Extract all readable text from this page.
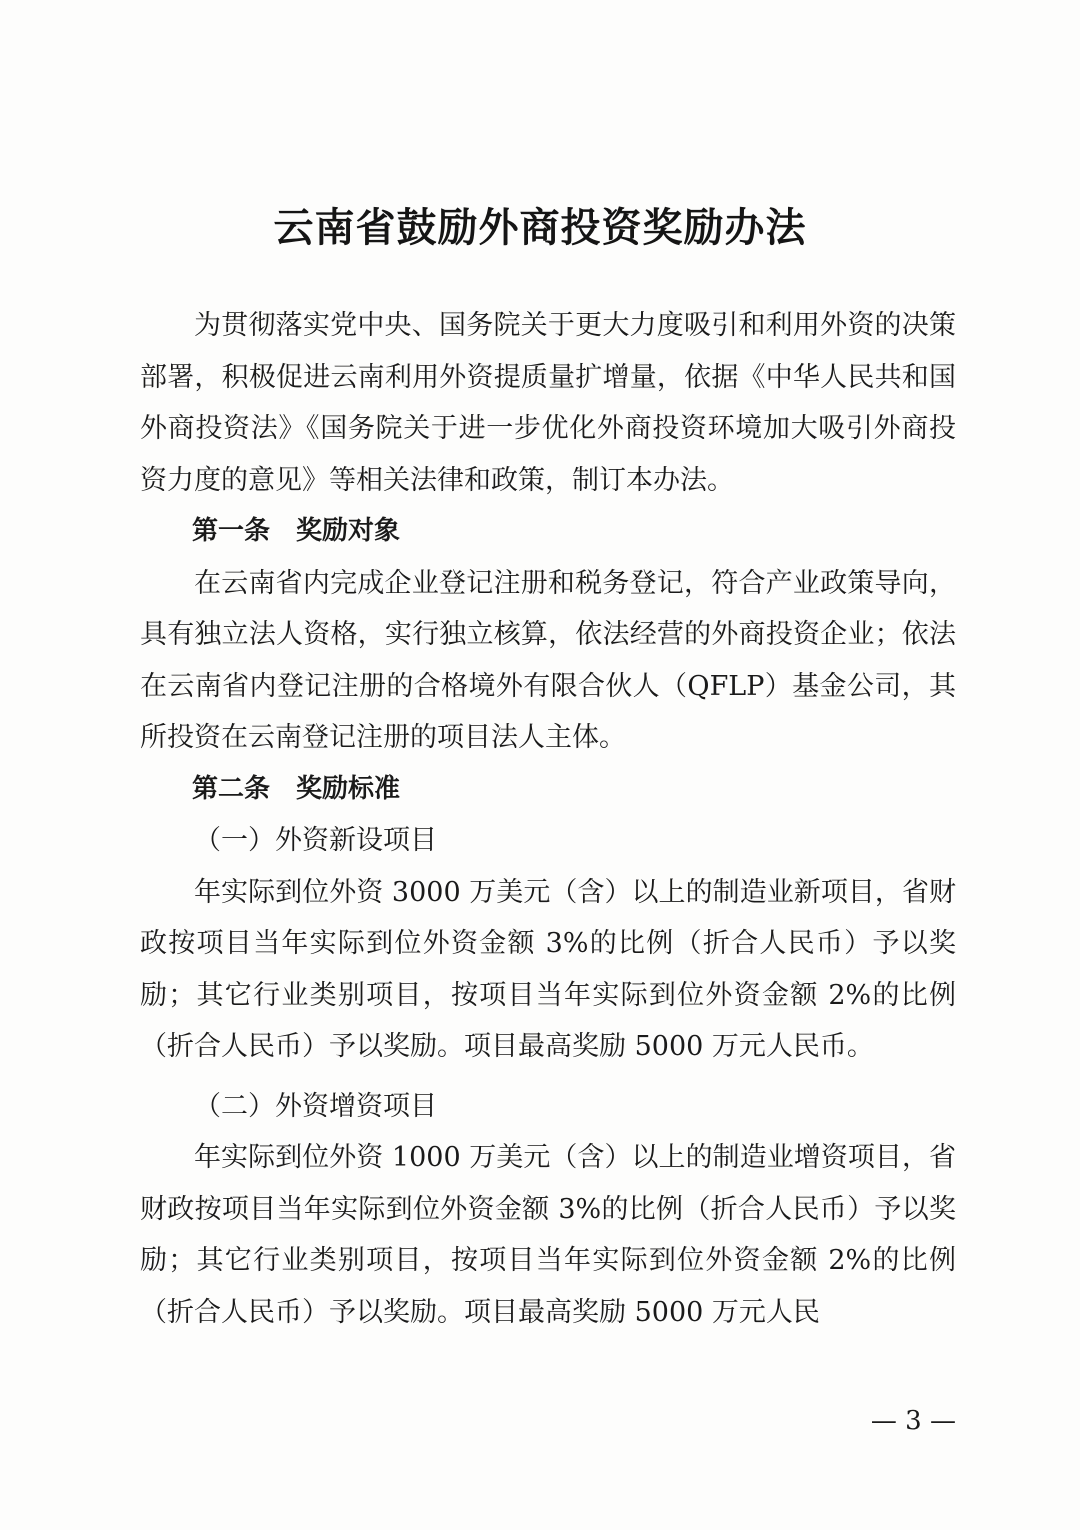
云南省鼓励外商投资奖励办法

为贯彻落实党中央、国务院关于更大力度吸引和利用外资的决策部署，积极促进云南利用外资提质量扩增量，依据《中华人民共和国外商投资法》《国务院关于进一步优化外商投资环境加大吸引外商投资力度的意见》等相关法律和政策，制订本办法。

第一条　奖励对象

在云南省内完成企业登记注册和税务登记，符合产业政策导向，具有独立法人资格，实行独立核算，依法经营的外商投资企业；依法在云南省内登记注册的合格境外有限合伙人（QFLP）基金公司，其所投资在云南登记注册的项目法人主体。

第二条　奖励标准

（一）外资新设项目

年实际到位外资 3000 万美元（含）以上的制造业新项目，省财政按项目当年实际到位外资金额 3%的比例（折合人民币）予以奖励；其它行业类别项目，按项目当年实际到位外资金额 2%的比例（折合人民币）予以奖励。项目最高奖励 5000 万元人民币。

（二）外资增资项目

年实际到位外资 1000 万美元（含）以上的制造业增资项目，省财政按项目当年实际到位外资金额 3%的比例（折合人民币）予以奖励；其它行业类别项目，按项目当年实际到位外资金额 2%的比例（折合人民币）予以奖励。项目最高奖励 5000 万元人民

— 3 —
